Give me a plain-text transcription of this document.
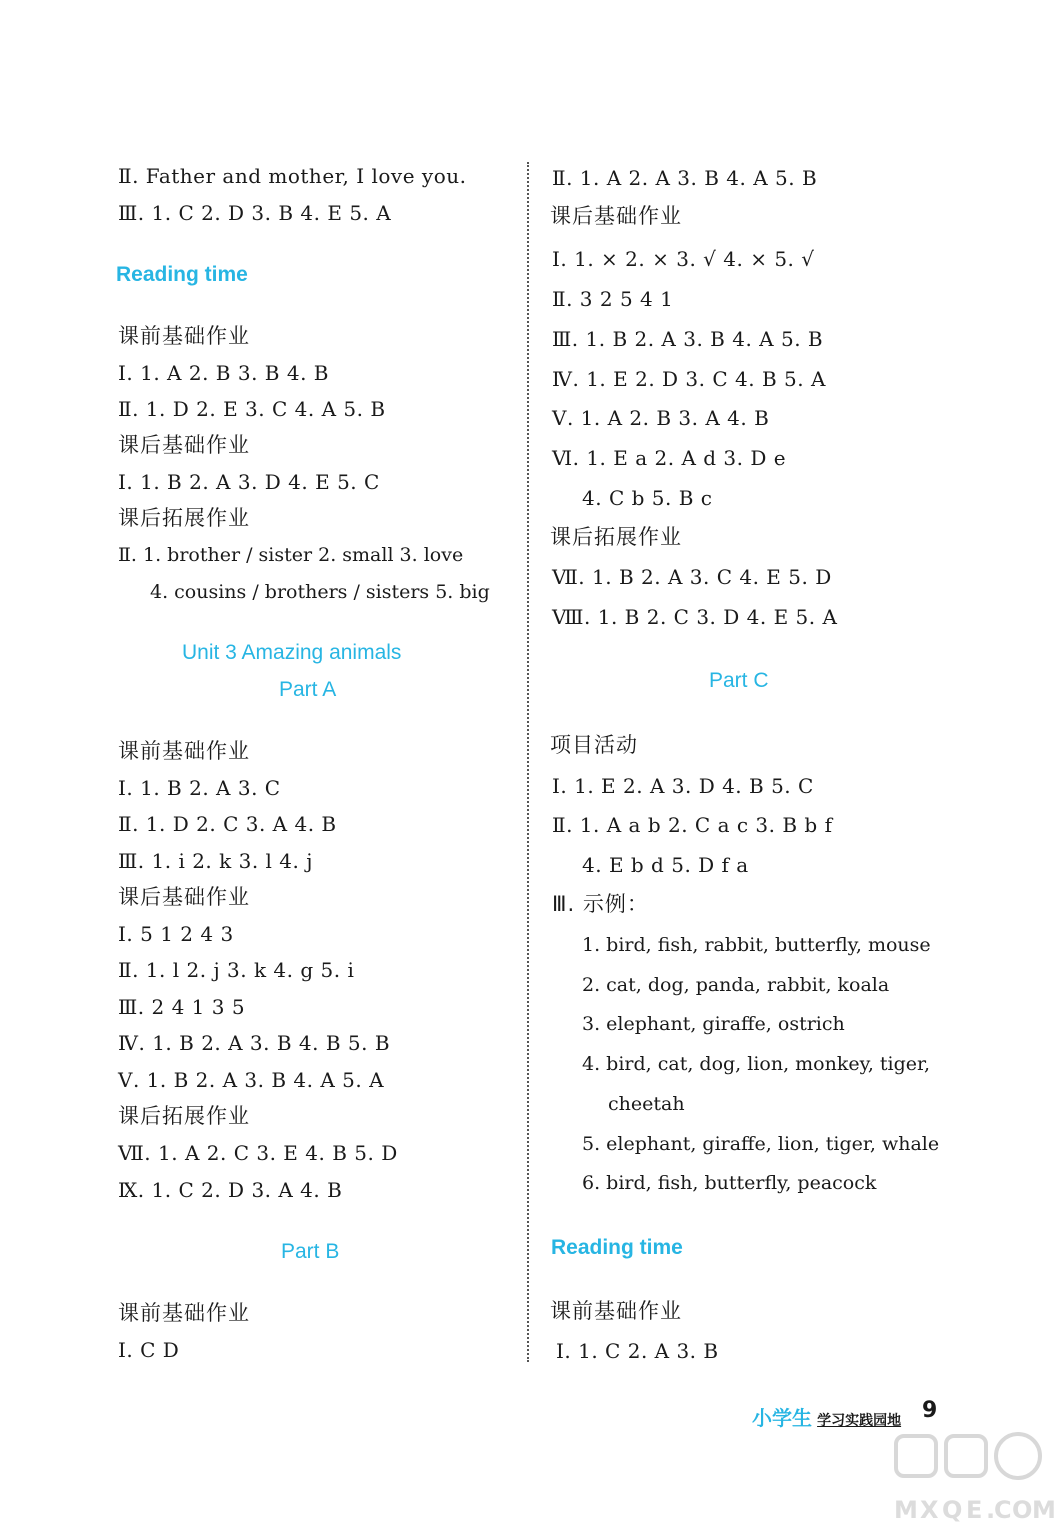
Ⅱ. Father and mother, I love you.
Ⅲ. 1. C 2. D 3. B 4. E 5. A
Reading time
课前基础作业
Ⅰ. 1. A 2. B 3. B 4. B
Ⅱ. 1. D 2. E 3. C 4. A 5. B
课后基础作业
Ⅰ. 1. B 2. A 3. D 4. E 5. C
课后拓展作业
Ⅱ. 1. brother / sister 2. small 3. love
4. cousins / brothers / sisters 5. big
Unit 3 Amazing animals
Part A
课前基础作业
Ⅰ. 1. B 2. A 3. C
Ⅱ. 1. D 2. C 3. A 4. B
Ⅲ. 1. i 2. k 3. l 4. j
课后基础作业
Ⅰ. 5 1 2 4 3
Ⅱ. 1. l 2. j 3. k 4. g 5. i
Ⅲ. 2 4 1 3 5
Ⅳ. 1. B 2. A 3. B 4. B 5. B
Ⅴ. 1. B 2. A 3. B 4. A 5. A
课后拓展作业
Ⅶ. 1. A 2. C 3. E 4. B 5. D
Ⅸ. 1. C 2. D 3. A 4. B
Part B
课前基础作业
Ⅰ. C D
Ⅱ. 1. A 2. A 3. B 4. A 5. B
课后基础作业
Ⅰ. 1. × 2. × 3. √ 4. × 5. √
Ⅱ. 3 2 5 4 1
Ⅲ. 1. B 2. A 3. B 4. A 5. B
Ⅳ. 1. E 2. D 3. C 4. B 5. A
Ⅴ. 1. A 2. B 3. A 4. B
Ⅵ. 1. E a 2. A d 3. D e
4. C b 5. B c
课后拓展作业
Ⅶ. 1. B 2. A 3. C 4. E 5. D
Ⅷ. 1. B 2. C 3. D 4. E 5. A
Part C
项目活动
Ⅰ. 1. E 2. A 3. D 4. B 5. C
Ⅱ. 1. A a b 2. C a c 3. B b f
4. E b d 5. D f a
Ⅲ. 示例：
1. bird, fish, rabbit, butterfly, mouse
2. cat, dog, panda, rabbit, koala
3. elephant, giraffe, ostrich
4. bird, cat, dog, lion, monkey, tiger,
cheetah
5. elephant, giraffe, lion, tiger, whale
6. bird, fish, butterfly, peacock
Reading time
课前基础作业
Ⅰ. 1. C 2. A 3. B
小学生 学习实践园地 9
M X Q E .
C O M
